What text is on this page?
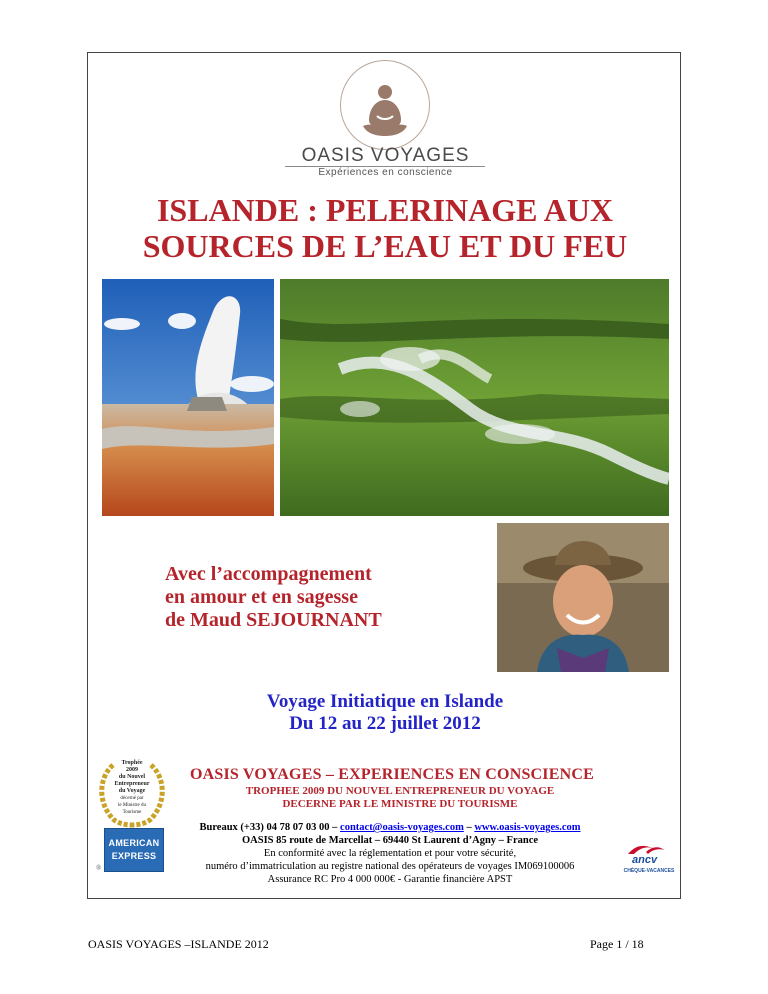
OASIS VOYAGES
Expériences en conscience
ISLANDE : PELERINAGE AUX
SOURCES DE L’EAU ET DU FEU
Avec l’accompagnement
en amour et en sagesse
de Maud SEJOURNANT
Voyage Initiatique en Islande
Du 12 au 22 juillet 2012
Trophée
2009
du Nouvel
Entrepreneur
du Voyage
décerné par
le Ministre du Tourisme
OASIS VOYAGES – EXPERIENCES EN CONSCIENCE
TROPHEE 2009 DU NOUVEL ENTREPRENEUR DU VOYAGE
DECERNE PAR LE MINISTRE DU TOURISME
Bureaux (+33) 04 78 07 03 00 – contact@oasis-voyages.com – www.oasis-voyages.com
OASIS 85 route de Marcellat – 69440 St Laurent d’Agny – France
En conformité avec la réglementation et pour votre sécurité,
numéro d’immatriculation au registre national des opérateurs de voyages IM069100006
Assurance RC Pro 4 000 000€ - Garantie financière APST
AMERICAN
EXPRESS
®
ancv
CHÈQUE-VACANCES
OASIS VOYAGES –ISLANDE 2012	Page 1 / 18
